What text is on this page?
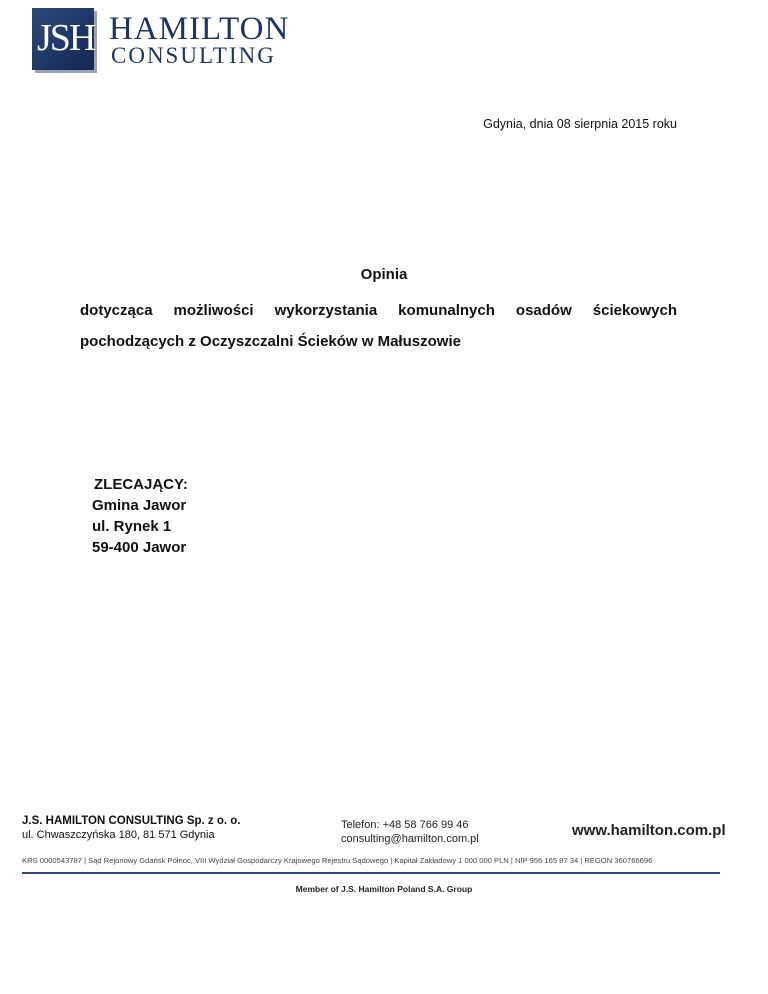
JSH HAMILTON
CONSULTING
Gdynia, dnia 08 sierpnia 2015 roku
Opinia
dotycząca możliwości wykorzystania komunalnych osadów ściekowych
pochodzących z Oczyszczalni Ścieków w Małuszowie
ZLECAJĄCY:
Gmina Jawor
ul. Rynek 1
59-400 Jawor
J.S. HAMILTON CONSULTING Sp. z o. o.
ul. Chwaszczyńska 180, 81 571 Gdynia
Telefon: +48 58 766 99 46
consulting@hamilton.com.pl	www.hamilton.com.pl
KRS 0000543787 | Sąd Rejonowy Gdańsk Północ, VIII Wydział Gospodarczy Krajowego Rejestru Sądowego | Kapitał Zakładowy 1 000 000 PLN | NIP 956 165 87 34 | REGON 360766696
Member of J.S. Hamilton Poland S.A. Group
